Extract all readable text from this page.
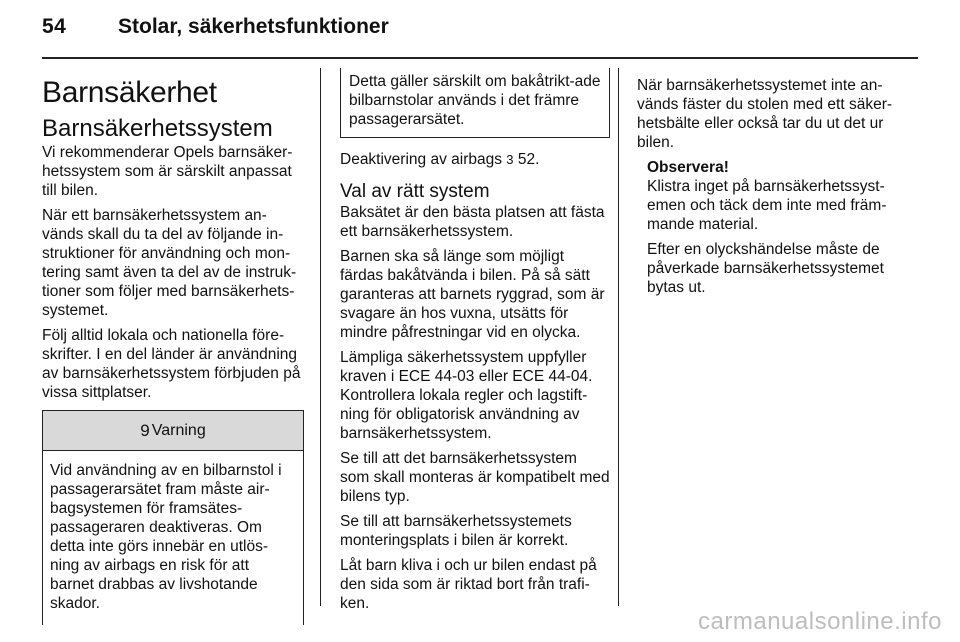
54 Stolar, säkerhetsfunktioner
Barnsäkerhet
Barnsäkerhetssystem

Vi rekommenderar Opels barnsäker-hetssystem som är särskilt anpassat till bilen.

När ett barnsäkerhetssystem an-vänds skall du ta del av följande in-struktioner för användning och mon-tering samt även ta del av de instruk-tioner som följer med barnsäkerhets-systemet.

Följ alltid lokala och nationella före-skrifter. I en del länder är användning av barnsäkerhetssystem förbjuden på vissa sittplatser.

9 Varning

Vid användning av en bilbarnstol i passagerarsätet fram måste air-bagsystemen för framsätes-passageraren deaktiveras. Om detta inte görs innebär en utlös-ning av airbags en risk för att barnet drabbas av livshotande skador.

Detta gäller särskilt om bakåtrikt-ade bilbarnstolar används i det främre passagerarsätet.

Deaktivering av airbags 3 52.

Val av rätt system

Baksätet är den bästa platsen att fästa ett barnsäkerhetssystem.

Barnen ska så länge som möjligt färdas bakåtvända i bilen. På så sätt garanteras att barnets ryggrad, som är svagare än hos vuxna, utsätts för mindre påfrestningar vid en olycka.

Lämpliga säkerhetssystem uppfyller kraven i ECE 44-03 eller ECE 44-04. Kontrollera lokala regler och lagstift-ning för obligatorisk användning av barnsäkerhetssystem.

Se till att det barnsäkerhetssystem som skall monteras är kompatibelt med bilens typ.

Se till att barnsäkerhetssystemets monteringsplats i bilen är korrekt.

Låt barn kliva i och ur bilen endast på den sida som är riktad bort från trafi-ken.

När barnsäkerhetssystemet inte an-vänds fäster du stolen med ett säker-hetsbälte eller också tar du ut det ur bilen.

Observera!

Klistra inget på barnsäkerhetssyst-emen och täck dem inte med främ-mande material.

Efter en olyckshändelse måste de påverkade barnsäkerhetssystemet bytas ut.

carmanualsonline.info
